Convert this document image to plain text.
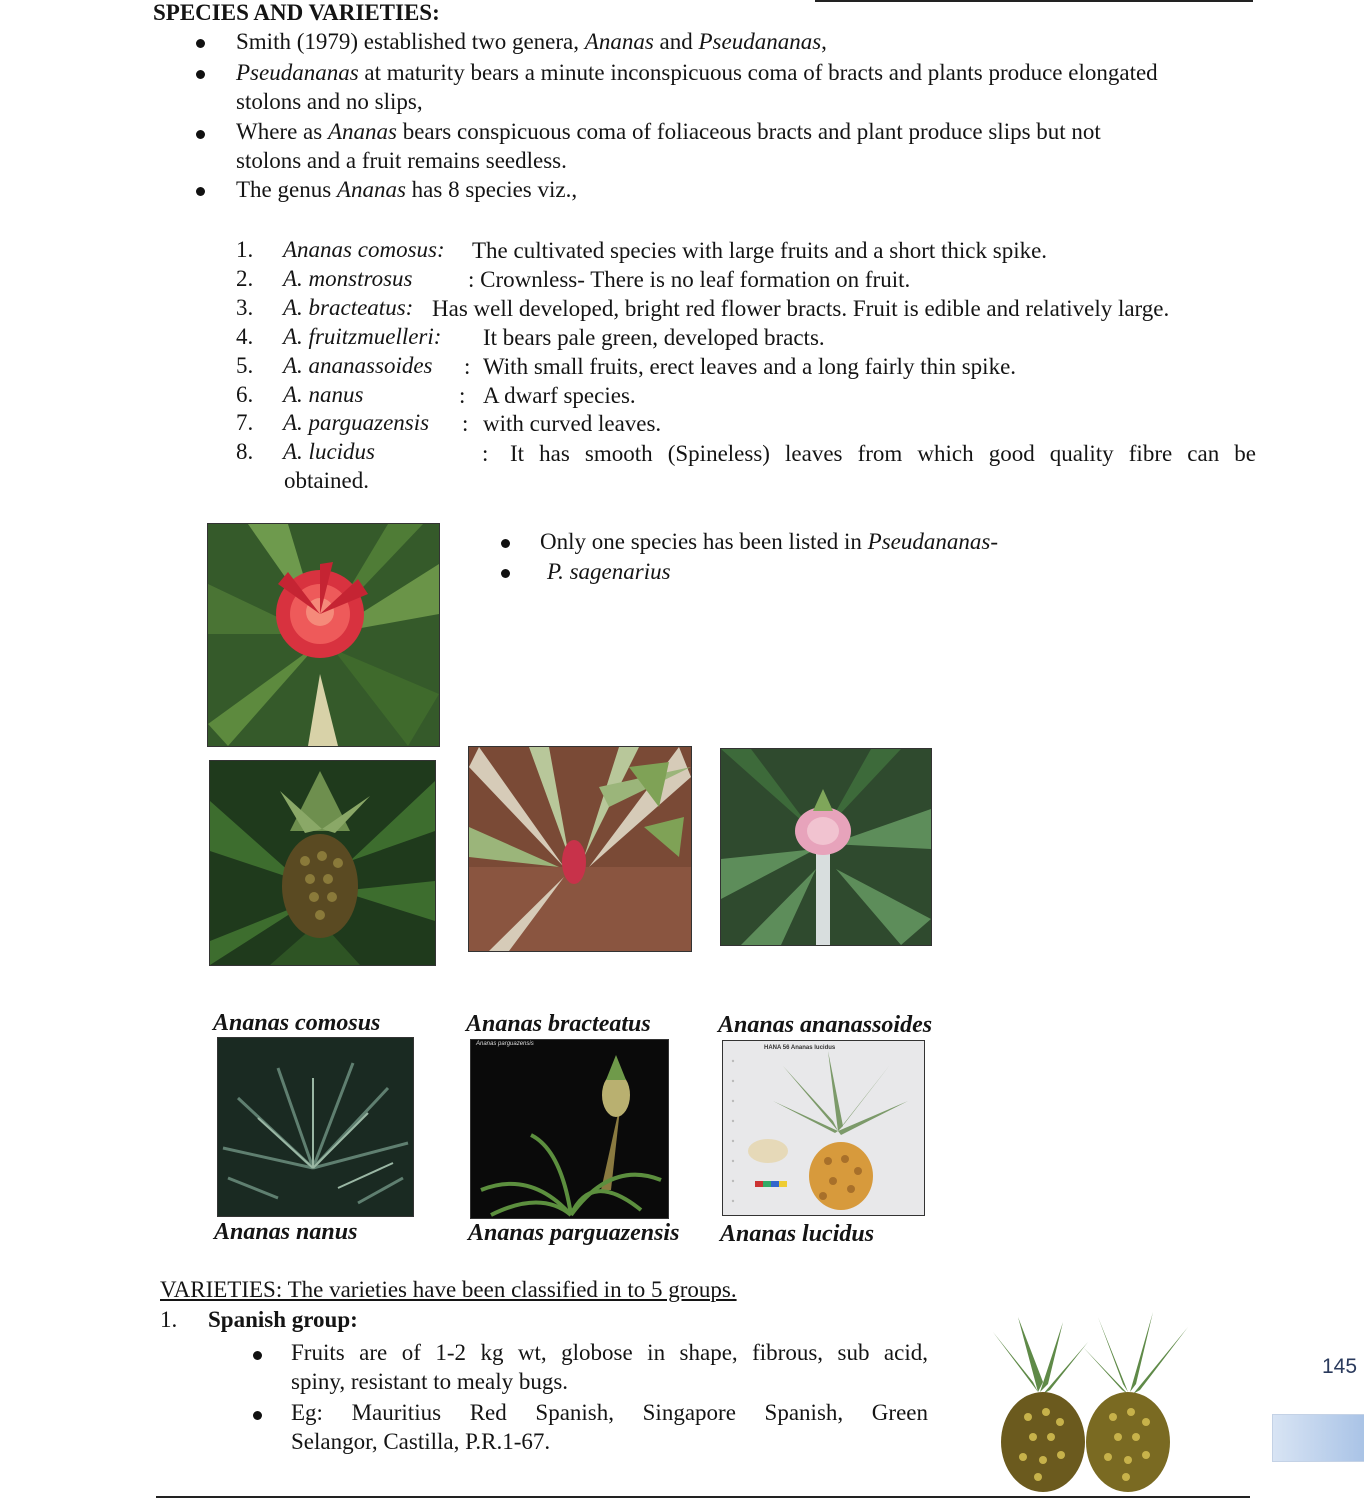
SPECIES AND VARIETIES:
Smith (1979) established two genera, Ananas and Pseudananas,
Pseudananas at maturity bears a minute inconspicuous coma of bracts and plants produce elongated
stolons and no slips,
Where as Ananas bears conspicuous coma of foliaceous bracts and plant produce slips but not
stolons and a fruit remains seedless.
The genus Ananas has 8 species viz.,
1. Ananas comosus: The cultivated species with large fruits and a short thick spike.
2. A. monstrosus : Crownless- There is no leaf formation on fruit.
3. A. bracteatus: Has well developed, bright red flower bracts. Fruit is edible and relatively large.
4. A. fruitzmuelleri: It bears pale green, developed bracts.
5. A. ananassoides : With small fruits, erect leaves and a long fairly thin spike.
6. A. nanus	: A dwarf species.
7. A. parguazensis : with curved leaves.
8. A. lucidus	: It has smooth (Spineless) leaves from which good quality fibre can be
obtained.
Only one species has been listed in Pseudananas-
P. sagenarius
Ananas comosus	Ananas bracteatus	Ananas ananassoides
Ananas parguazensis
HANA 56 Ananas lucidus
Ananas nanus	Ananas parguazensis Ananas lucidus
VARIETIES: The varieties have been classified in to 5 groups.
1. Spanish group:
Fruits are of 1-2 kg wt, globose in shape, fibrous, sub acid,
spiny, resistant to mealy bugs.
Eg: Mauritius Red Spanish, Singapore Spanish, Green
Selangor, Castilla, P.R.1-67.
145
